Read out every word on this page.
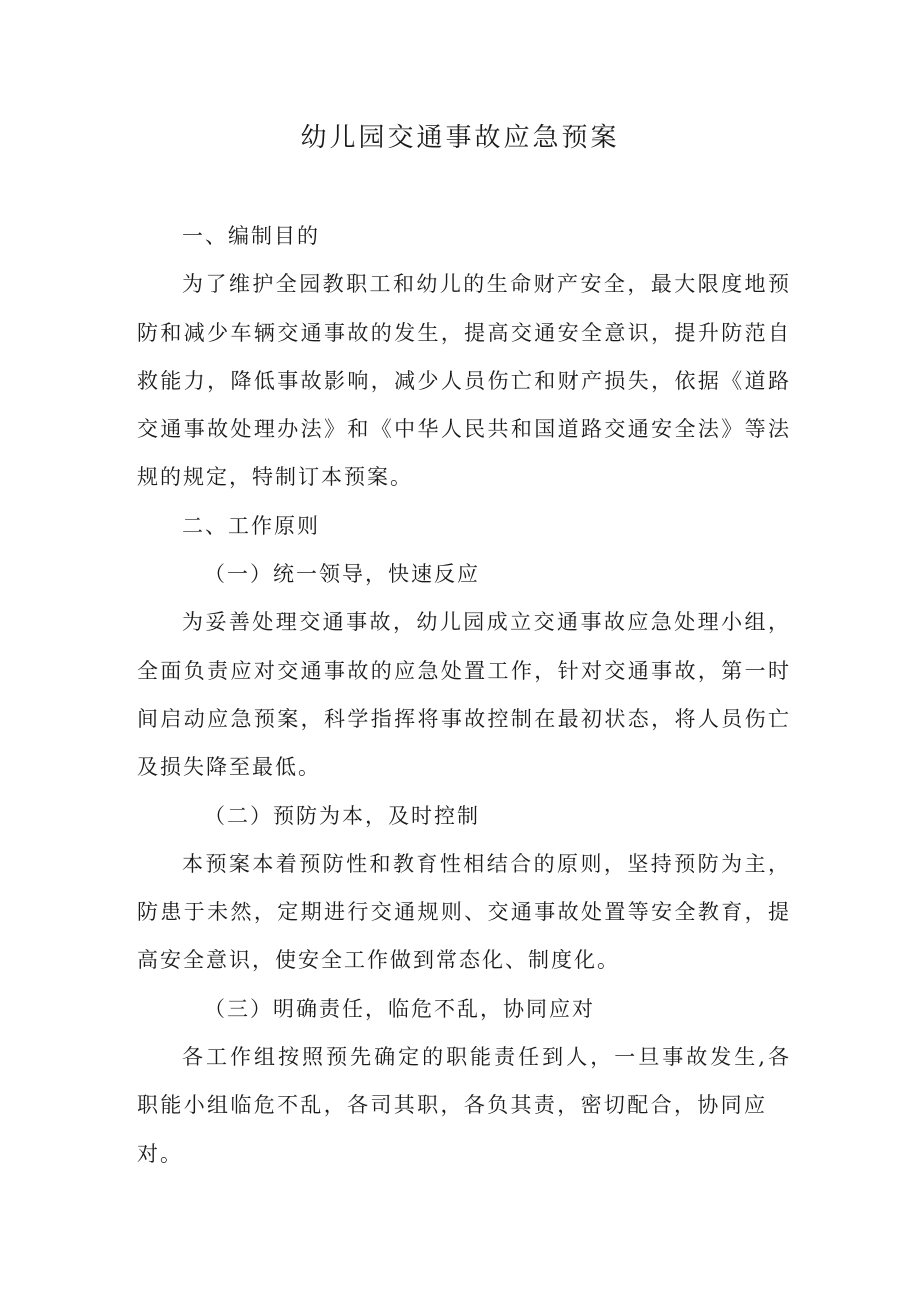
幼儿园交通事故应急预案
一、编制目的
为了维护全园教职工和幼儿的生命财产安全，最大限度地预
防和减少车辆交通事故的发生，提高交通安全意识，提升防范自
救能力，降低事故影响，减少人员伤亡和财产损失，依据《道路
交通事故处理办法》和《中华人民共和国道路交通安全法》等法
规的规定，特制订本预案。
二、工作原则
（一）统一领导，快速反应
为妥善处理交通事故，幼儿园成立交通事故应急处理小组，
全面负责应对交通事故的应急处置工作，针对交通事故，第一时
间启动应急预案，科学指挥将事故控制在最初状态，将人员伤亡
及损失降至最低。
（二）预防为本，及时控制
本预案本着预防性和教育性相结合的原则，坚持预防为主，
防患于未然，定期进行交通规则、交通事故处置等安全教育，提
高安全意识，使安全工作做到常态化、制度化。
（三）明确责任，临危不乱，协同应对
各工作组按照预先确定的职能责任到人，一旦事故发生,各
职能小组临危不乱，各司其职，各负其责，密切配合，协同应
对。
